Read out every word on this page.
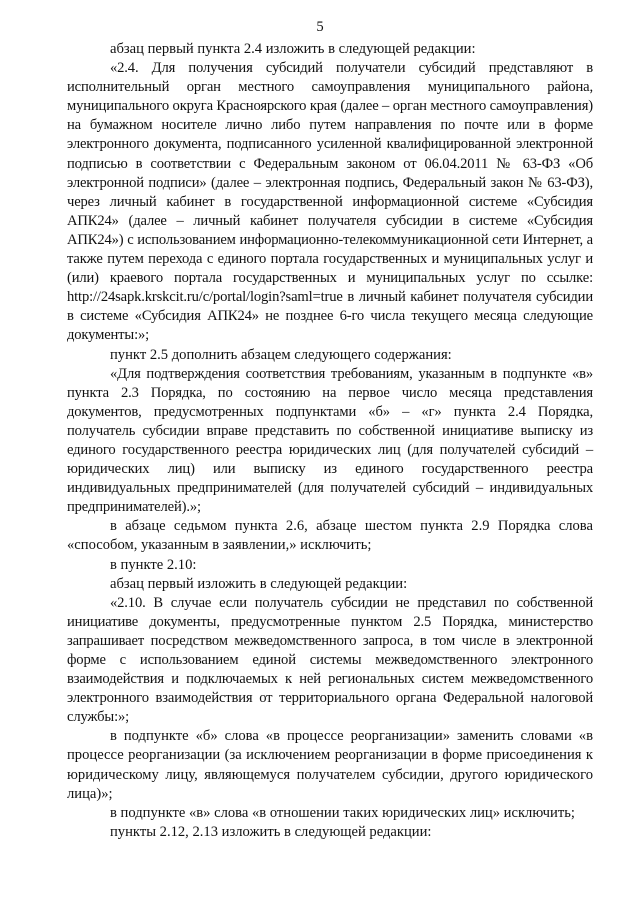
5

абзац первый пункта 2.4 изложить в следующей редакции:

«2.4. Для получения субсидий получатели субсидий представляют в исполнительный орган местного самоуправления муниципального района, муниципального округа Красноярского края (далее – орган местного самоуправления) на бумажном носителе лично либо путем направления по почте или в форме электронного документа, подписанного усиленной квалифицированной электронной подписью в соответствии с Федеральным законом от 06.04.2011 № 63-ФЗ «Об электронной подписи» (далее – электронная подпись, Федеральный закон № 63-ФЗ), через личный кабинет в государственной информационной системе «Субсидия АПК24» (далее – личный кабинет получателя субсидии в системе «Субсидия АПК24») с использованием информационно-телекоммуникационной сети Интернет, а также путем перехода с единого портала государственных и муниципальных услуг и (или) краевого портала государственных и муниципальных услуг по ссылке: http://24sapk.krskcit.ru/c/portal/login?saml=true в личный кабинет получателя субсидии в системе «Субсидия АПК24» не позднее 6-го числа текущего месяца следующие документы:»;

пункт 2.5 дополнить абзацем следующего содержания:

«Для подтверждения соответствия требованиям, указанным в подпункте «в» пункта 2.3 Порядка, по состоянию на первое число месяца представления документов, предусмотренных подпунктами «б» – «г» пункта 2.4 Порядка, получатель субсидии вправе представить по собственной инициативе выписку из единого государственного реестра юридических лиц (для получателей субсидий – юридических лиц) или выписку из единого государственного реестра индивидуальных предпринимателей (для получателей субсидий – индивидуальных предпринимателей).»;

в абзаце седьмом пункта 2.6, абзаце шестом пункта 2.9 Порядка слова «способом, указанным в заявлении,» исключить;

в пункте 2.10:

абзац первый изложить в следующей редакции:

«2.10. В случае если получатель субсидии не представил по собственной инициативе документы, предусмотренные пунктом 2.5 Порядка, министерство запрашивает посредством межведомственного запроса, в том числе в электронной форме с использованием единой системы межведомственного электронного взаимодействия и подключаемых к ней региональных систем межведомственного электронного взаимодействия от территориального органа Федеральной налоговой службы:»;

в подпункте «б» слова «в процессе реорганизации» заменить словами «в процессе реорганизации (за исключением реорганизации в форме присоединения к юридическому лицу, являющемуся получателем субсидии, другого юридического лица)»;

в подпункте «в» слова «в отношении таких юридических лиц» исключить;

пункты 2.12, 2.13 изложить в следующей редакции:
